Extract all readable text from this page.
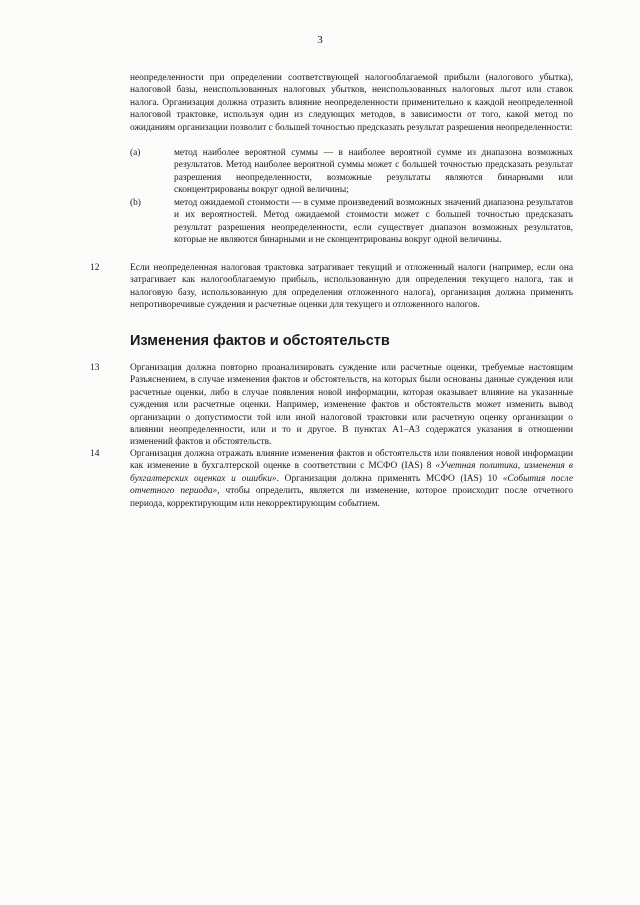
3
неопределенности при определении соответствующей налогооблагаемой прибыли (налогового убытка), налоговой базы, неиспользованных налоговых убытков, неиспользованных налоговых льгот или ставок налога. Организация должна отразить влияние неопределенности применительно к каждой неопределенной налоговой трактовке, используя один из следующих методов, в зависимости от того, какой метод по ожиданиям организации позволит с большей точностью предсказать результат разрешения неопределенности:
(a)	метод наиболее вероятной суммы — в наиболее вероятной сумме из диапазона возможных результатов. Метод наиболее вероятной суммы может с большей точностью предсказать результат разрешения неопределенности, возможные результаты являются бинарными или сконцентрированы вокруг одной величины;
(b)	метод ожидаемой стоимости — в сумме произведений возможных значений диапазона результатов и их вероятностей. Метод ожидаемой стоимости может с большей точностью предсказать результат разрешения неопределенности, если существует диапазон возможных результатов, которые не являются бинарными и не сконцентрированы вокруг одной величины.
12	Если неопределенная налоговая трактовка затрагивает текущий и отложенный налоги (например, если она затрагивает как налогооблагаемую прибыль, использованную для определения текущего налога, так и налоговую базу, использованную для определения отложенного налога), организация должна применять непротиворечивые суждения и расчетные оценки для текущего и отложенного налогов.
Изменения фактов и обстоятельств
13	Организация должна повторно проанализировать суждение или расчетные оценки, требуемые настоящим Разъяснением, в случае изменения фактов и обстоятельств, на которых были основаны данные суждения или расчетные оценки, либо в случае появления новой информации, которая оказывает влияние на указанные суждения или расчетные оценки. Например, изменение фактов и обстоятельств может изменить вывод организации о допустимости той или иной налоговой трактовки или расчетную оценку организации о влиянии неопределенности, или и то и другое. В пунктах А1–А3 содержатся указания в отношении изменений фактов и обстоятельств.
14	Организация должна отражать влияние изменения фактов и обстоятельств или появления новой информации как изменение в бухгалтерской оценке в соответствии с МСФО (IAS) 8 «Учетная политика, изменения в бухгалтерских оценках и ошибки». Организация должна применять МСФО (IAS) 10 «События после отчетного периода», чтобы определить, является ли изменение, которое происходит после отчетного периода, корректирующим или некорректирующим событием.
